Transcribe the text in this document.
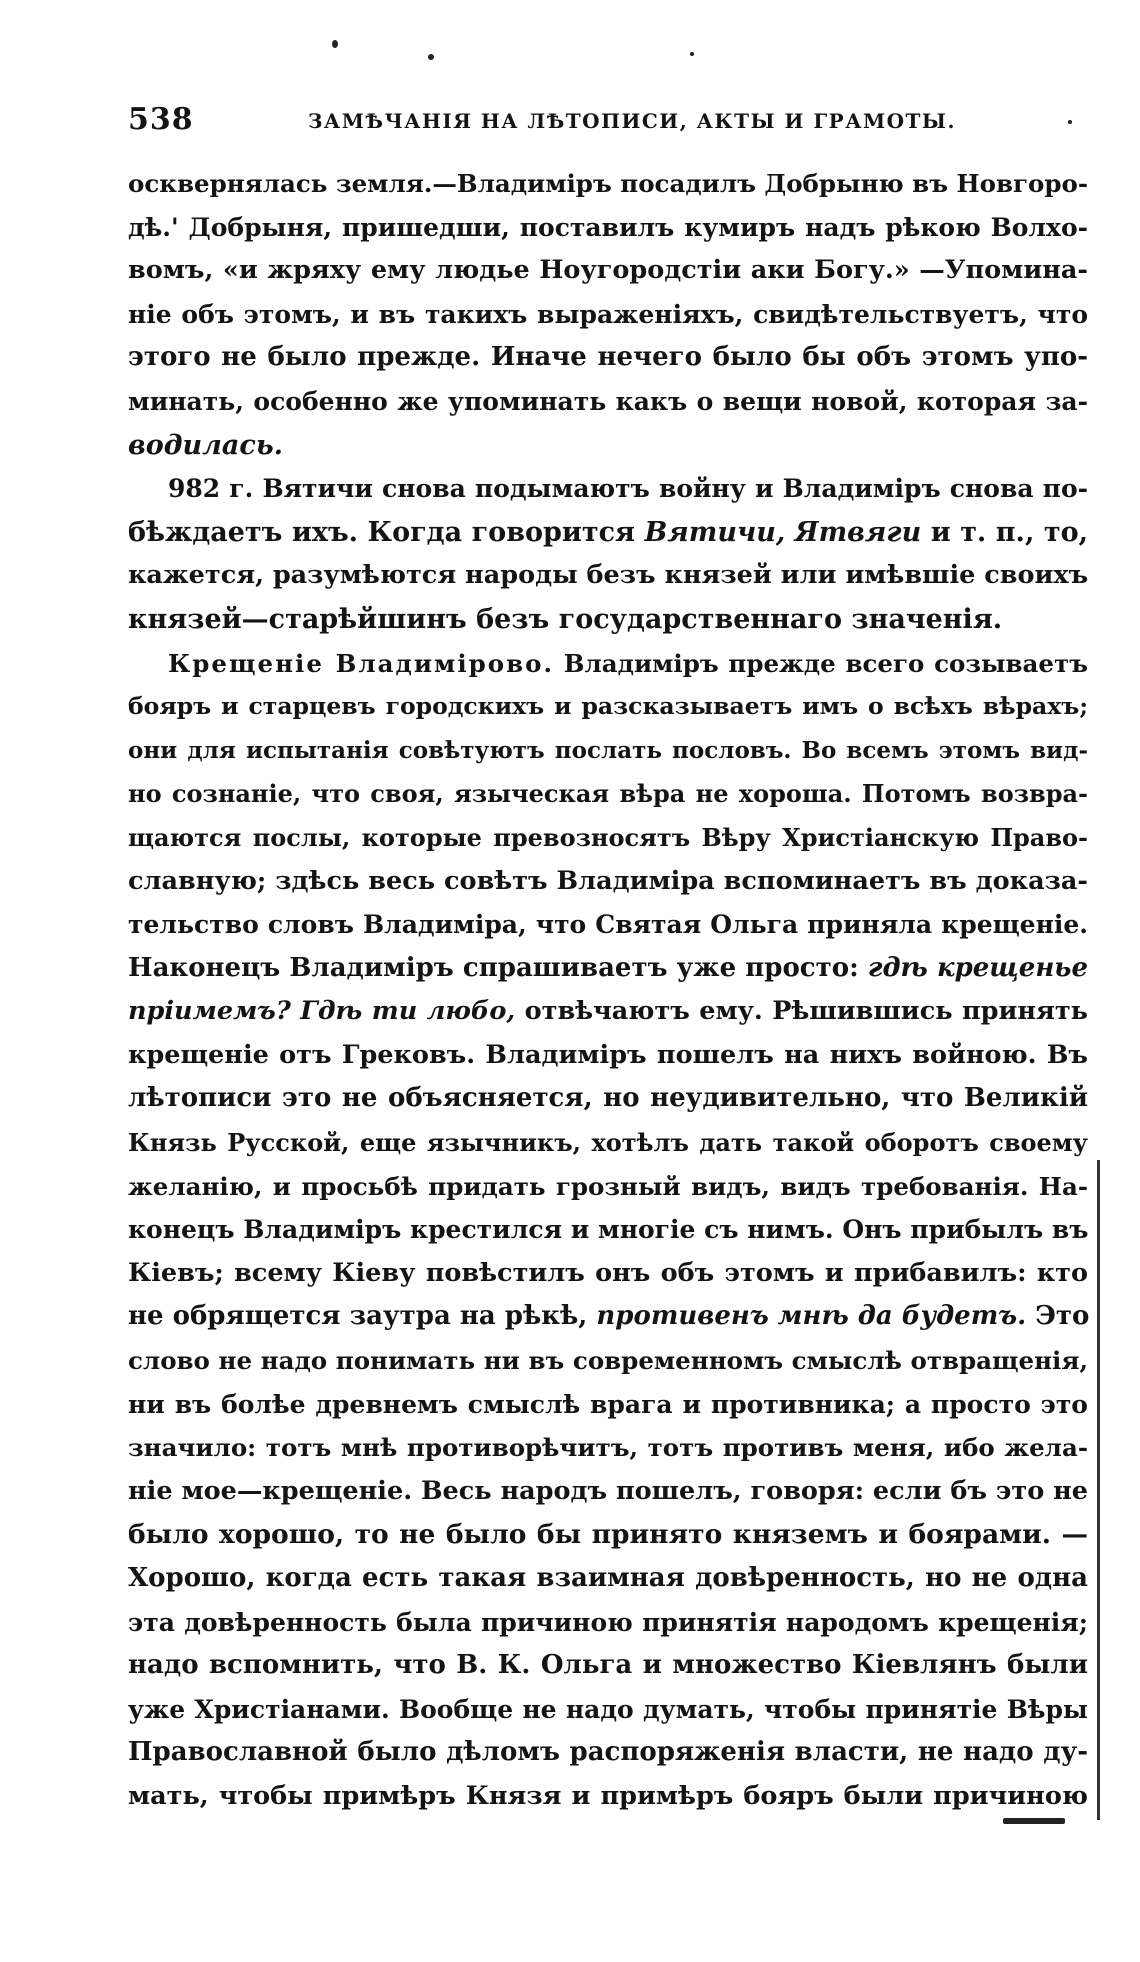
538	ЗАМѢЧАНІЯ НА ЛѢТОПИСИ, АКТЫ И ГРАМОТЫ.
осквернялась земля.—Владиміръ посадилъ Добрыню въ Новгоро-
дѣ.' Добрыня, пришедши, поставилъ кумиръ надъ рѣкою Волхо-
вомъ, «и жряху ему людье Ноугородстіи аки Богу.» —Упомина-
ніе объ этомъ, и въ такихъ выраженіяхъ, свидѣтельствуетъ, что
этого не было прежде. Иначе нечего было бы объ этомъ упо-
минать, особенно же упоминать какъ о вещи новой, которая за-
водилась.
982 г. Вятичи снова подымаютъ войну и Владиміръ снова по-
бѣждаетъ ихъ. Когда говорится Вятичи, Ятвяги и т. п., то,
кажется, разумѣются народы безъ князей или имѣвшіе своихъ
князей—старѣйшинъ безъ государственнаго значенія.
Крещеніе Владимірово. Владиміръ прежде всего созываетъ
бояръ и старцевъ городскихъ и разсказываетъ имъ о всѣхъ вѣрахъ;
они для испытанія совѣтуютъ послать пословъ. Во всемъ этомъ вид-
но сознаніе, что своя, языческая вѣра не хороша. Потомъ возвра-
щаются послы, которые превозносятъ Вѣру Христіанскую Право-
славную; здѣсь весь совѣтъ Владиміра вспоминаетъ въ доказа-
тельство словъ Владиміра, что Святая Ольга приняла крещеніе.
Наконецъ Владиміръ спрашиваетъ уже просто: гдѣ крещенье
пріимемъ? Гдѣ ти любо, отвѣчаютъ ему. Рѣшившись принять
крещеніе отъ Грековъ. Владиміръ пошелъ на нихъ войною. Въ
лѣтописи это не объясняется, но неудивительно, что Великій
Князь Русской, еще язычникъ, хотѣлъ дать такой оборотъ своему
желанію, и просьбѣ придать грозный видъ, видъ требованія. На-
конецъ Владиміръ крестился и многіе съ нимъ. Онъ прибылъ въ
Кіевъ; всему Кіеву повѣстилъ онъ объ этомъ и прибавилъ: кто
не обрящется заутра на рѣкѣ, противенъ мнѣ да будетъ. Это
слово не надо понимать ни въ современномъ смыслѣ отвращенія,
ни въ болѣе древнемъ смыслѣ врага и противника; а просто это
значило: тотъ мнѣ противорѣчитъ, тотъ противъ меня, ибо жела-
ніе мое—крещеніе. Весь народъ пошелъ, говоря: если бъ это не
было хорошо, то не было бы принято княземъ и боярами. —
Хорошо, когда есть такая взаимная довѣренность, но не одна
эта довѣренность была причиною принятія народомъ крещенія;
надо вспомнить, что В. К. Ольга и множество Кіевлянъ были
уже Христіанами. Вообще не надо думать, чтобы принятіе Вѣры
Православной было дѣломъ распоряженія власти, не надо ду-
мать, чтобы примѣръ Князя и примѣръ бояръ были причиною
